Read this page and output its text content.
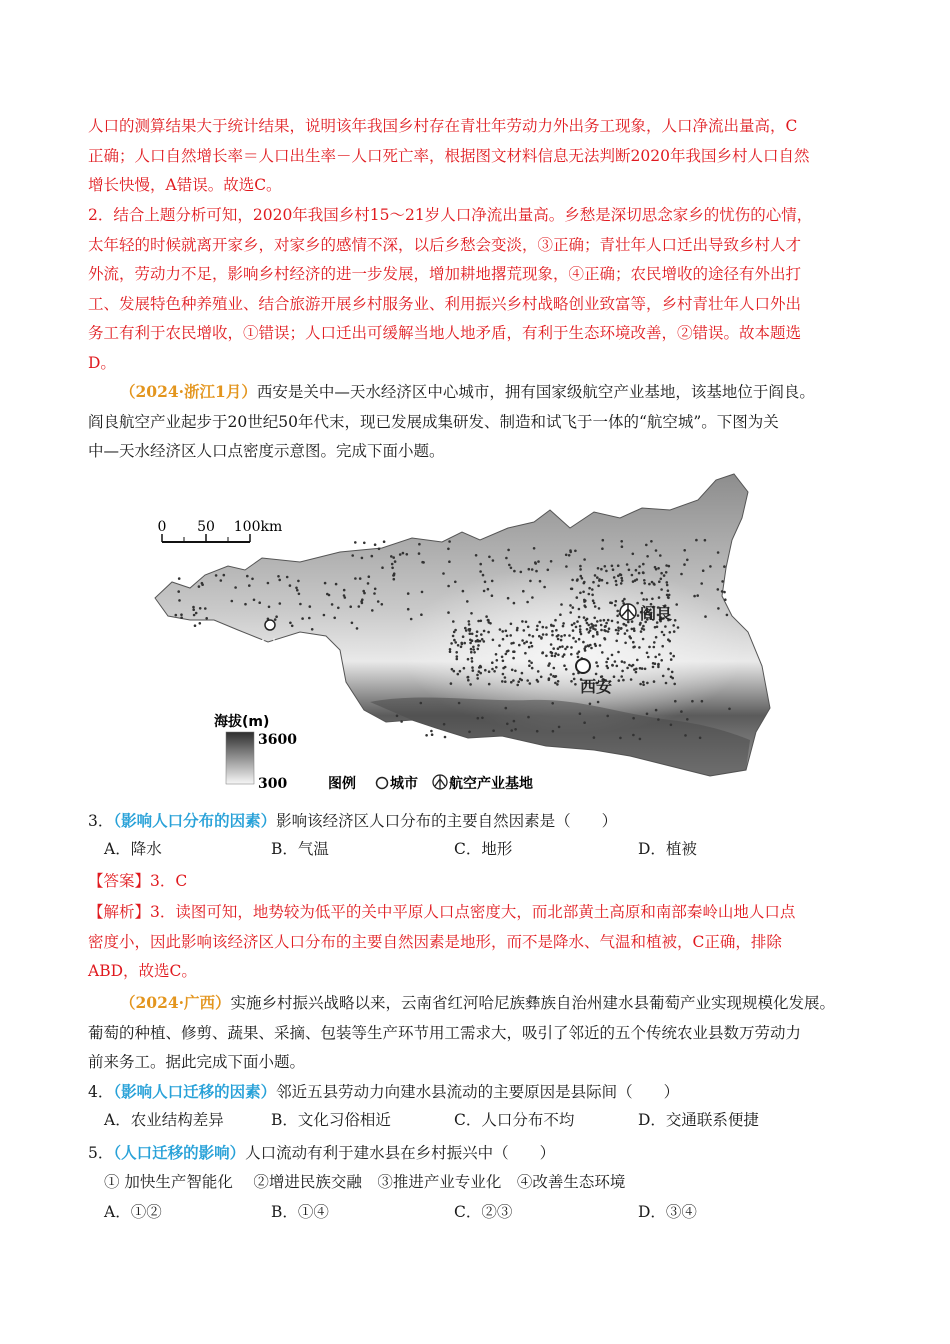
人口的测算结果大于统计结果，说明该年我国乡村存在青壮年劳动力外出务工现象，人口净流出量高，C
正确；人口自然增长率＝人口出生率－人口死亡率，根据图文材料信息无法判断2020年我国乡村人口自然
增长快慢，A错误。故选C。

2．结合上题分析可知，2020年我国乡村15～21岁人口净流出量高。乡愁是深切思念家乡的忧伤的心情，
太年轻的时候就离开家乡，对家乡的感情不深，以后乡愁会变淡，③正确；青壮年人口迁出导致乡村人才
外流，劳动力不足，影响乡村经济的进一步发展，增加耕地撂荒现象，④正确；农民增收的途径有外出打
工、发展特色种养殖业、结合旅游开展乡村服务业、利用振兴乡村战略创业致富等，乡村青壮年人口外出
务工有利于农民增收，①错误；人口迁出可缓解当地人地矛盾，有利于生态环境改善，②错误。故本题选
D。

（2024·浙江1月）西安是关中—天水经济区中心城市，拥有国家级航空产业基地，该基地位于阎良。
阎良航空产业起步于20世纪50年代末，现已发展成集研发、制造和试飞于一体的“航空城”。下图为关
中—天水经济区人口点密度示意图。完成下面小题。

0 50 100km
天水
西安
阎良
海拔(m)
3600
300	图例 城市 航空产业基地

3．（影响人口分布的因素）影响该经济区人口分布的主要自然因素是（　　）

A．降水	B．气温	C．地形	D．植被

【答案】3．C

【解析】3．读图可知，地势较为低平的关中平原人口点密度大，而北部黄土高原和南部秦岭山地人口点
密度小，因此影响该经济区人口分布的主要自然因素是地形，而不是降水、气温和植被，C正确，排除
ABD，故选C。

（2024·广西）实施乡村振兴战略以来，云南省红河哈尼族彝族自治州建水县葡萄产业实现规模化发展。
葡萄的种植、修剪、蔬果、采摘、包装等生产环节用工需求大，吸引了邻近的五个传统农业县数万劳动力
前来务工。据此完成下面小题。

4．（影响人口迁移的因素）邻近五县劳动力向建水县流动的主要原因是县际间（　　）

A．农业结构差异	B．文化习俗相近	C．人口分布不均	D．交通联系便捷

5．（人口迁移的影响）人口流动有利于建水县在乡村振兴中（　　）

① 加快生产智能化　 ②增进民族交融　③推进产业专业化　④改善生态环境
A．①②	B．①④	C．②③	D．③④
